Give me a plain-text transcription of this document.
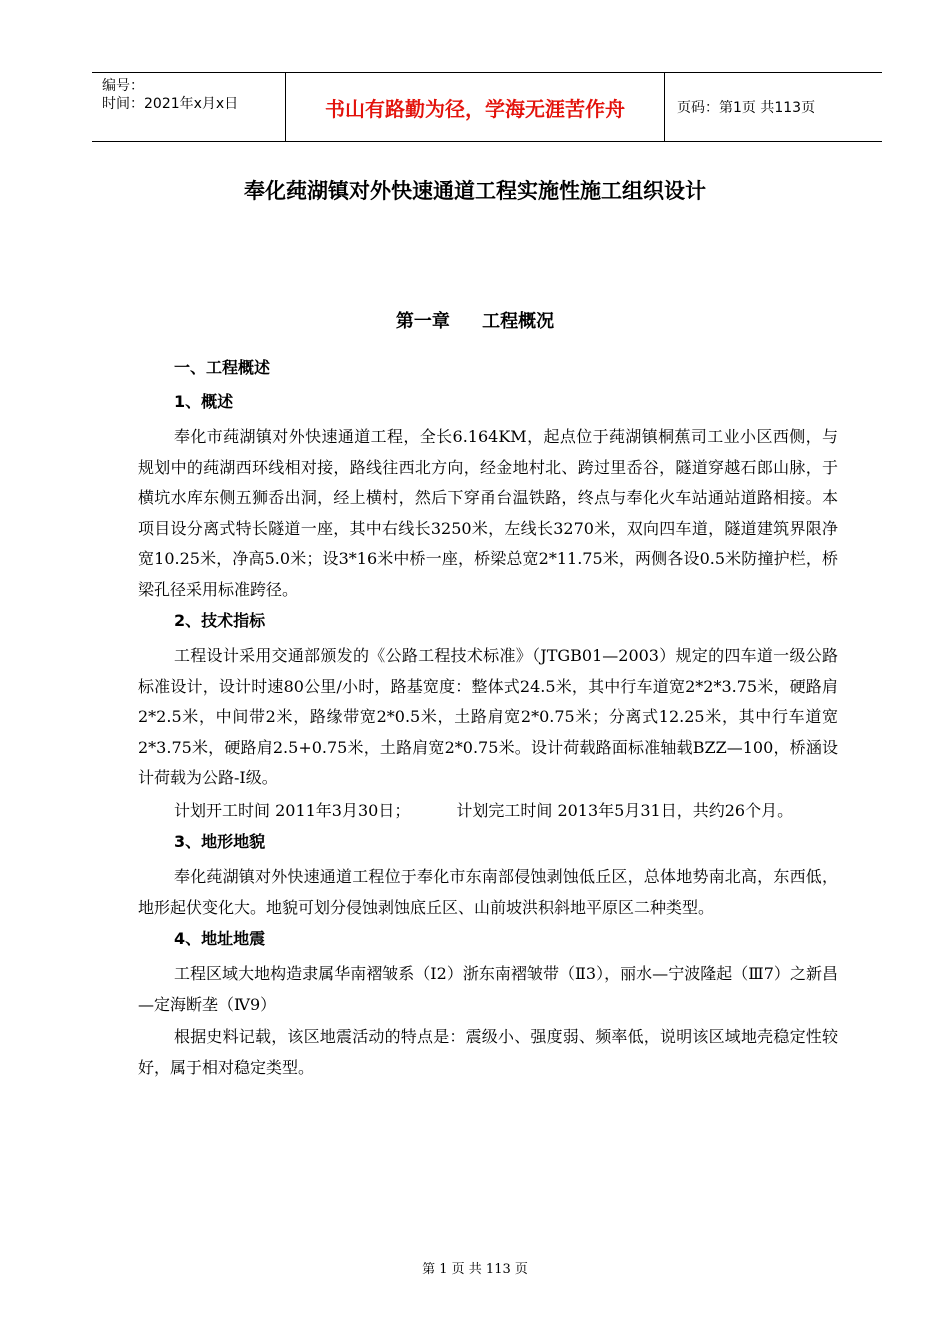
编号：
时间：2021年x月x日	书山有路勤为径，学海无涯苦作舟	页码：第1页 共113页
奉化莼湖镇对外快速通道工程实施性施工组织设计
第一章 工程概况
一、工程概述
1、概述

奉化市莼湖镇对外快速通道工程，全长6.164KM，起点位于莼湖镇桐蕉司工业小区西侧，与规划中的莼湖西环线相对接，路线往西北方向，经金地村北、跨过里岙谷，隧道穿越石郎山脉，于横坑水库东侧五狮岙出洞，经上横村，然后下穿甬台温铁路，终点与奉化火车站通站道路相接。本项目设分离式特长隧道一座，其中右线长3250米，左线长3270米，双向四车道，隧道建筑界限净宽10.25米，净高5.0米；设3*16米中桥一座，桥梁总宽2*11.75米，两侧各设0.5米防撞护栏，桥梁孔径采用标准跨径。

2、技术指标

工程设计采用交通部颁发的《公路工程技术标准》（JTGB01—2003）规定的四车道一级公路标准设计，设计时速80公里/小时，路基宽度：整体式24.5米，其中行车道宽2*2*3.75米，硬路肩2*2.5米，中间带2米，路缘带宽2*0.5米，土路肩宽2*0.75米；分离式12.25米，其中行车道宽2*3.75米，硬路肩2.5+0.75米，土路肩宽2*0.75米。设计荷载路面标准轴载BZZ—100，桥涵设计荷载为公路-Ⅰ级。

计划开工时间 2011年3月30日；	计划完工时间 2013年5月31日，共约26个月。

3、地形地貌

奉化莼湖镇对外快速通道工程位于奉化市东南部侵蚀剥蚀低丘区，总体地势南北高，东西低，地形起伏变化大。地貌可划分侵蚀剥蚀底丘区、山前坡洪积斜地平原区二种类型。

4、地址地震

工程区域大地构造隶属华南褶皱系（Ⅰ2）浙东南褶皱带（Ⅱ3），丽水—宁波隆起（Ⅲ7）之新昌—定海断垄（Ⅳ9）

根据史料记载，该区地震活动的特点是：震级小、强度弱、频率低，说明该区域地壳稳定性较好，属于相对稳定类型。

第 1 页 共 113 页
